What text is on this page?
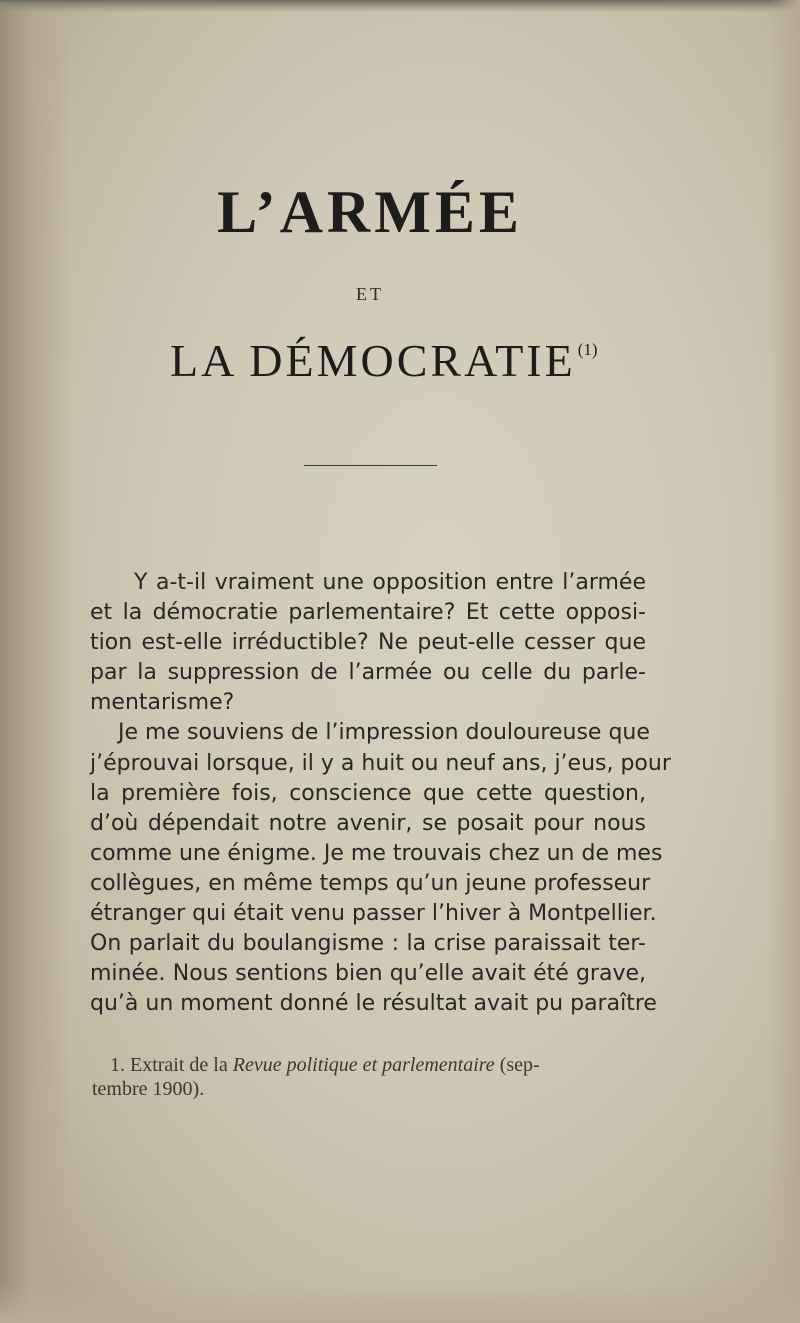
L’ARMÉE
ET
LA DÉMOCRATIE $^{(1)}$
Y a-t-il vraiment une opposition entre l’armée
et la démocratie parlementaire? Et cette opposi-
tion est-elle irréductible? Ne peut-elle cesser que
par la suppression de l’armée ou celle du parle-
mentarisme?
Je me souviens de l’impression douloureuse que
j’éprouvai lorsque, il y a huit ou neuf ans, j’eus, pour
la première fois, conscience que cette question,
d’où dépendait notre avenir, se posait pour nous
comme une énigme. Je me trouvais chez un de mes
collègues, en même temps qu’un jeune professeur
étranger qui était venu passer l’hiver à Montpellier.
On parlait du boulangisme : la crise paraissait ter-
minée. Nous sentions bien qu’elle avait été grave,
qu’à un moment donné le résultat avait pu paraître
1. Extrait de la Revue politique et parlementaire (sep-
tembre 1900).
